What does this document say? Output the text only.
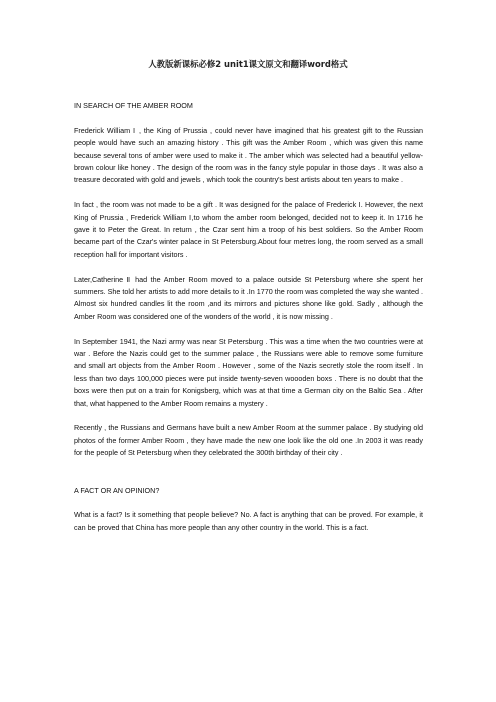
人教版新课标必修2 unit1课文原文和翻译word格式
IN SEARCH OF THE AMBER ROOM

Frederick William Ⅰ , the King of Prussia , could never have imagined that his greatest gift to the Russian people would have such an amazing history . This gift was the Amber Room , which was given this name because several tons of amber were used to make it . The amber which was selected had a beautiful yellow-brown colour like honey . The design of the room was in the fancy style popular in those days . It was also a treasure decorated with gold and jewels , which took the country's best artists about ten years to make .

In fact , the room was not made to be a gift . It was designed for the palace of Frederick Ⅰ. However, the next King of Prussia , Frederick William Ⅰ,to whom the amber room belonged, decided not to keep it. In 1716 he gave it to Peter the Great. In return , the Czar sent him a troop of his best soldiers. So the Amber Room became part of the Czar's winter palace in St Petersburg.About four metres long, the room served as a small reception hall for important visitors .

Later,Catherine Ⅱ had the Amber Room moved to a palace outside St Petersburg where she spent her summers. She told her artists to add more details to it .In 1770 the room was completed the way she wanted . Almost six hundred candles lit the room ,and its mirrors and pictures shone like gold. Sadly , although the Amber Room was considered one of the wonders of the world , it is now missing .

In September 1941, the Nazi army was near St Petersburg . This was a time when the two countries were at war . Before the Nazis could get to the summer palace , the Russians were able to remove some furniture and small art objects from the Amber Room . However , some of the Nazis secretly stole the room itself . In less than two days 100,000 pieces were put inside twenty-seven woooden boxs . There is no doubt that the boxs were then put on a train for Konigsberg, which was at that time a German city on the Baltic Sea . After that, what happened to the Amber Room remains a mystery .

Recently , the Russians and Germans have built a new Amber Room at the summer palace . By studying old photos of the former Amber Room , they have made the new one look like the old one .In 2003 it was ready for the people of St Petersburg when they celebrated the 300th birthday of their city .

A FACT OR AN OPINION?

What is a fact? Is it something that people believe? No. A fact is anything that can be proved. For example, it can be proved that China has more people than any other country in the world. This is a fact.
